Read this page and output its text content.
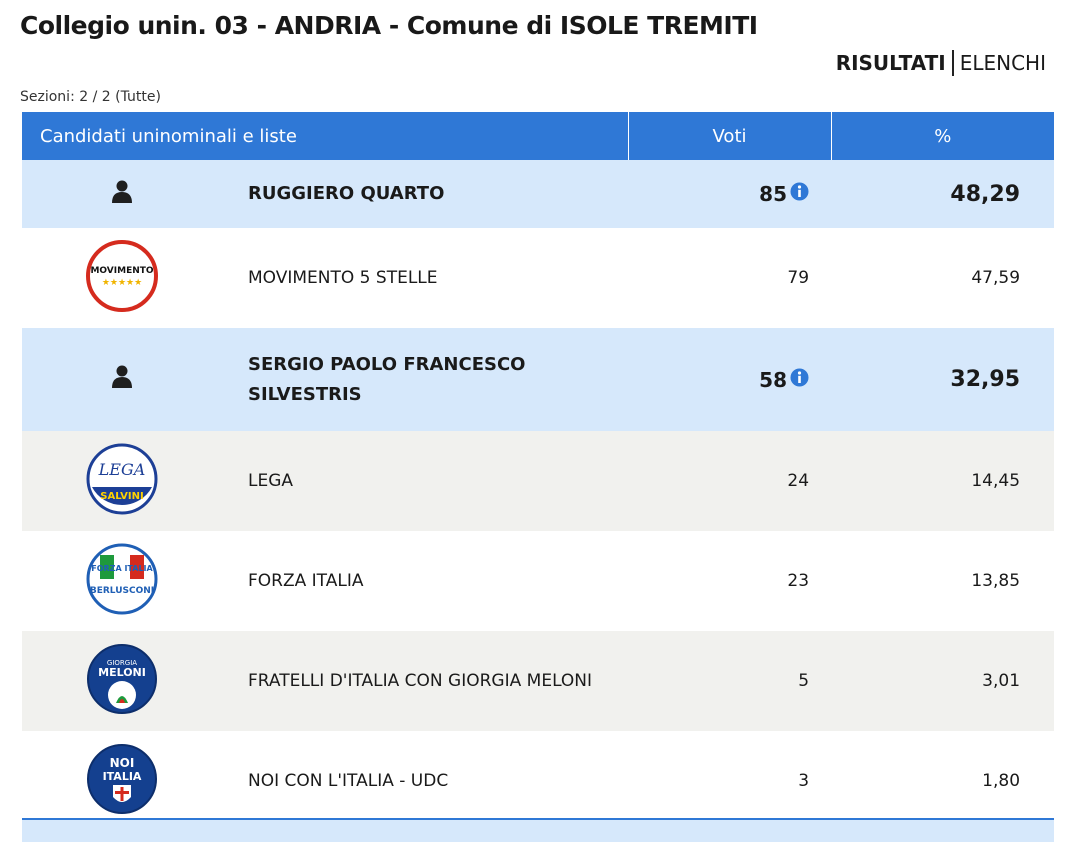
Collegio unin. 03 - ANDRIA - Comune di ISOLE TREMITI
RISULTATI ELENCHI
Sezioni: 2 / 2 (Tutte)
Candidati uninominali e liste		Voti	%
	RUGGIERO QUARTO	85	48,29

MOVIMENTO
★★★★★	MOVIMENTO 5 STELLE	79	47,59
	SERGIO PAOLO FRANCESCO SILVESTRIS	58	32,95

LEGA
SALVINI	LEGA	24	14,45

FORZA ITALIA
BERLUSCONI	FORZA ITALIA	23	13,85

GIORGIA
MELONI	FRATELLI D'ITALIA CON GIORGIA MELONI	5	3,01

NOI
ITALIA	NOI CON L'ITALIA - UDC	3	1,80
